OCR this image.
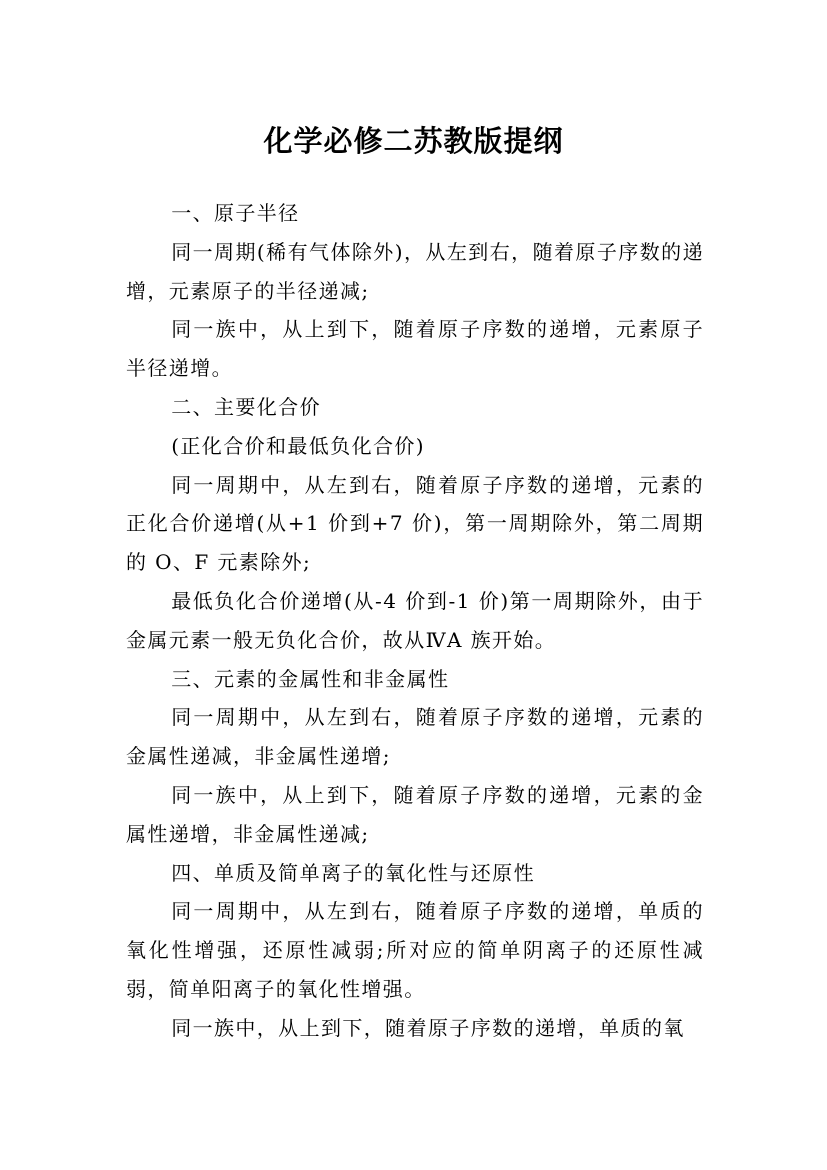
化学必修二苏教版提纲

一、原子半径

同一周期(稀有气体除外)，从左到右，随着原子序数的递增，元素原子的半径递减;

同一族中，从上到下，随着原子序数的递增，元素原子半径递增。

二、主要化合价

(正化合价和最低负化合价)

同一周期中，从左到右，随着原子序数的递增，元素的正化合价递增(从+1 价到+7 价)，第一周期除外，第二周期的 O、F 元素除外;

最低负化合价递增(从-4 价到-1 价)第一周期除外，由于金属元素一般无负化合价，故从ⅣA 族开始。

三、元素的金属性和非金属性

同一周期中，从左到右，随着原子序数的递增，元素的金属性递减，非金属性递增;

同一族中，从上到下，随着原子序数的递增，元素的金属性递增，非金属性递减;

四、单质及简单离子的氧化性与还原性

同一周期中，从左到右，随着原子序数的递增，单质的氧化性增强，还原性减弱;所对应的简单阴离子的还原性减弱，简单阳离子的氧化性增强。

同一族中，从上到下，随着原子序数的递增，单质的氧
